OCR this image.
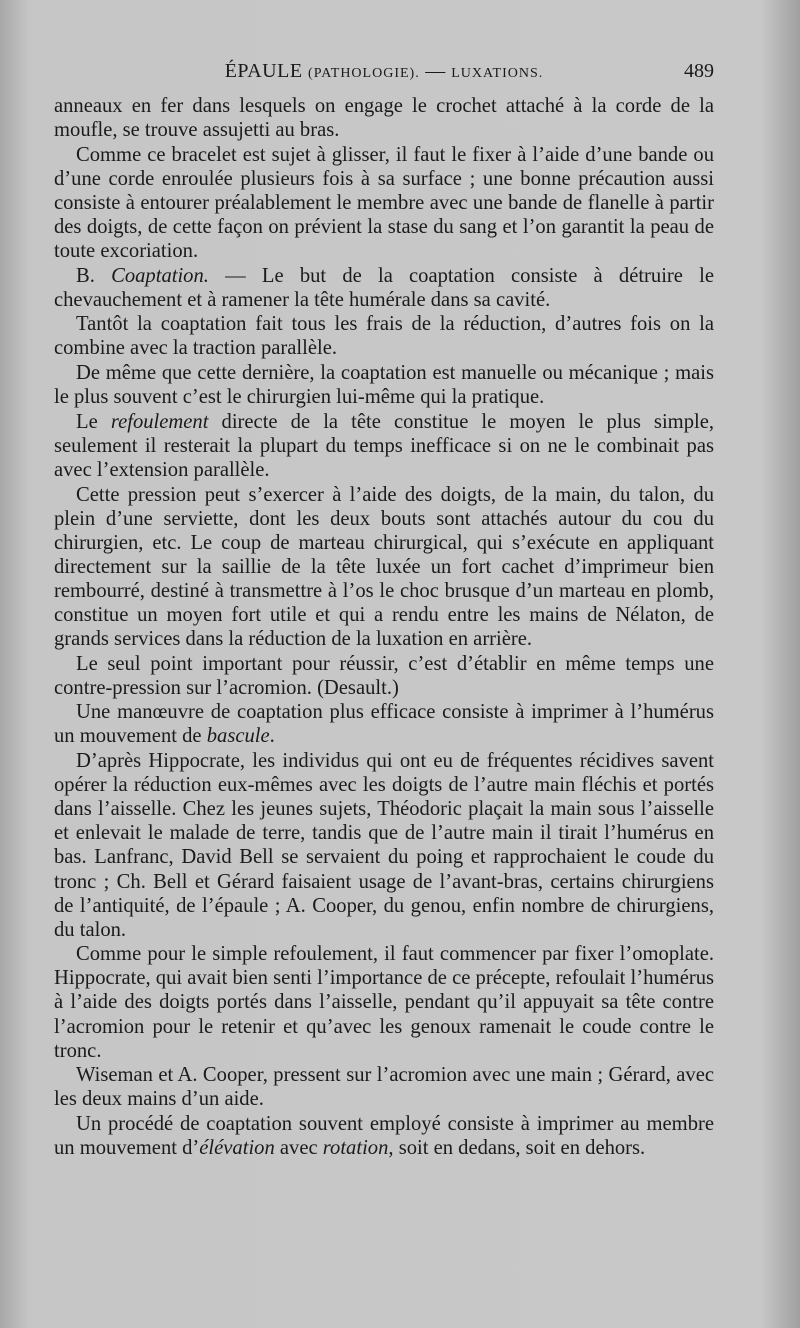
ÉPAULE (PATHOLOGIE). — LUXATIONS.	489

anneaux en fer dans lesquels on engage le crochet attaché à la corde de la moufle, se trouve assujetti au bras.

Comme ce bracelet est sujet à glisser, il faut le fixer à l’aide d’une bande ou d’une corde enroulée plusieurs fois à sa surface ; une bonne précaution aussi consiste à entourer préalablement le membre avec une bande de flanelle à partir des doigts, de cette façon on prévient la stase du sang et l’on garantit la peau de toute excoriation.

B. Coaptation. — Le but de la coaptation consiste à détruire le chevauchement et à ramener la tête humérale dans sa cavité.

Tantôt la coaptation fait tous les frais de la réduction, d’autres fois on la combine avec la traction parallèle.

De même que cette dernière, la coaptation est manuelle ou mécanique ; mais le plus souvent c’est le chirurgien lui-même qui la pratique.

Le refoulement directe de la tête constitue le moyen le plus simple, seulement il resterait la plupart du temps inefficace si on ne le combinait pas avec l’extension parallèle.

Cette pression peut s’exercer à l’aide des doigts, de la main, du talon, du plein d’une serviette, dont les deux bouts sont attachés autour du cou du chirurgien, etc. Le coup de marteau chirurgical, qui s’exécute en appliquant directement sur la saillie de la tête luxée un fort cachet d’imprimeur bien rembourré, destiné à transmettre à l’os le choc brusque d’un marteau en plomb, constitue un moyen fort utile et qui a rendu entre les mains de Nélaton, de grands services dans la réduction de la luxation en arrière.

Le seul point important pour réussir, c’est d’établir en même temps une contre-pression sur l’acromion. (Desault.)

Une manœuvre de coaptation plus efficace consiste à imprimer à l’humérus un mouvement de bascule.

D’après Hippocrate, les individus qui ont eu de fréquentes récidives savent opérer la réduction eux-mêmes avec les doigts de l’autre main fléchis et portés dans l’aisselle. Chez les jeunes sujets, Théodoric plaçait la main sous l’aisselle et enlevait le malade de terre, tandis que de l’autre main il tirait l’humérus en bas. Lanfranc, David Bell se servaient du poing et rapprochaient le coude du tronc ; Ch. Bell et Gérard faisaient usage de l’avant-bras, certains chirurgiens de l’antiquité, de l’épaule ; A. Cooper, du genou, enfin nombre de chirurgiens, du talon.

Comme pour le simple refoulement, il faut commencer par fixer l’omoplate. Hippocrate, qui avait bien senti l’importance de ce précepte, refoulait l’humérus à l’aide des doigts portés dans l’aisselle, pendant qu’il appuyait sa tête contre l’acromion pour le retenir et qu’avec les genoux ramenait le coude contre le tronc.

Wiseman et A. Cooper, pressent sur l’acromion avec une main ; Gérard, avec les deux mains d’un aide.

Un procédé de coaptation souvent employé consiste à imprimer au membre un mouvement d’élévation avec rotation, soit en dedans, soit en dehors.
